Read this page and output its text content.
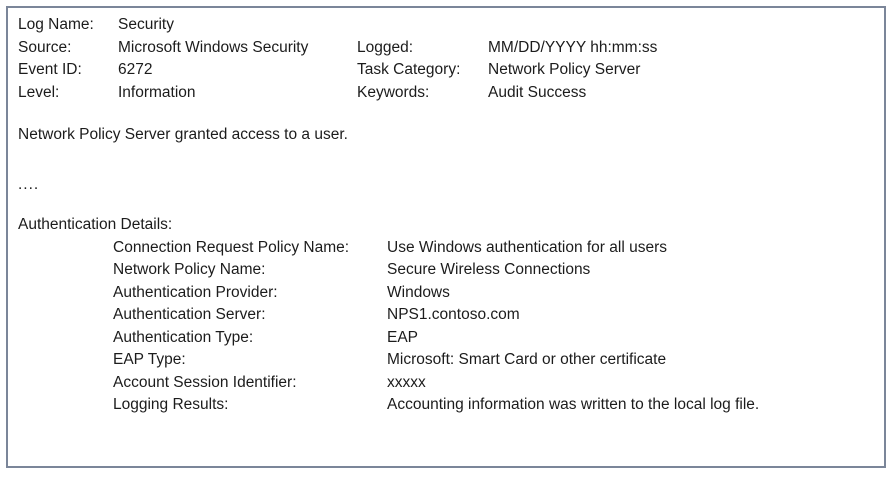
Log Name:	Security
Source:	Microsoft Windows Security	Logged:	MM/DD/YYYY hh:mm:ss
Event ID:	6272	Task Category:	Network Policy Server
Level:	Information	Keywords:	Audit Success
Network Policy Server granted access to a user.
....
Authentication Details:
Connection Request Policy Name:	Use Windows authentication for all users
Network Policy Name:	Secure Wireless Connections
Authentication Provider:	Windows
Authentication Server:	NPS1.contoso.com
Authentication Type:	EAP
EAP Type:	Microsoft: Smart Card or other certificate
Account Session Identifier:	xxxxx
Logging Results:	Accounting information was written to the local log file.
